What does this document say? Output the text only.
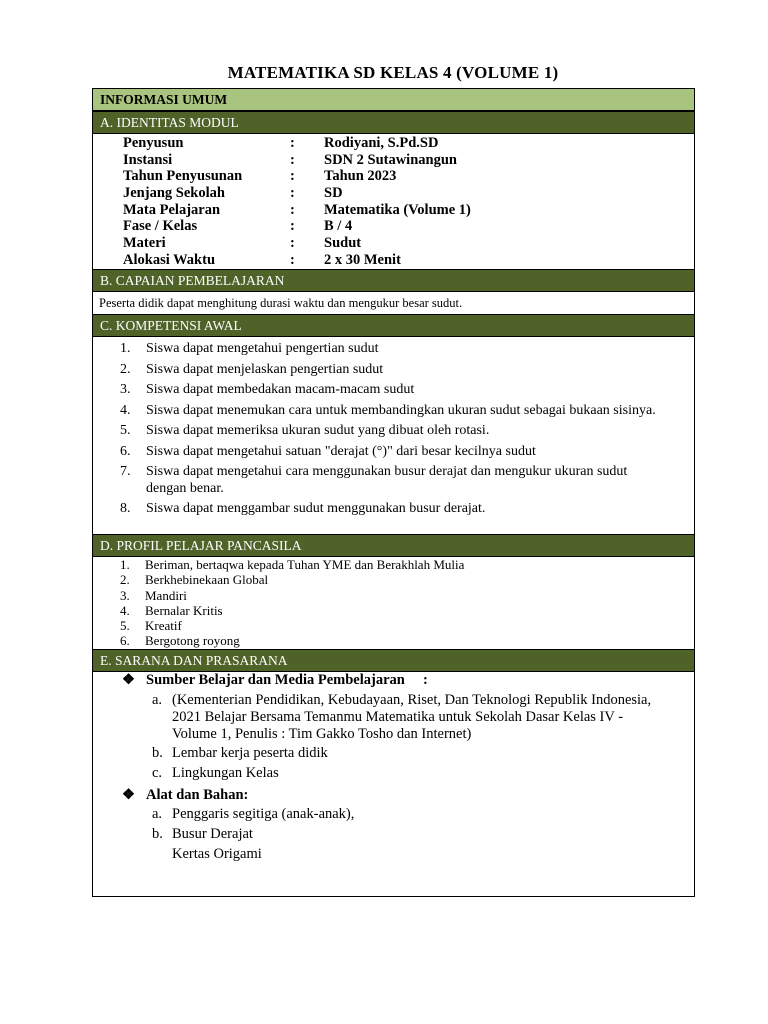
MATEMATIKA SD KELAS 4 (VOLUME 1)
INFORMASI UMUM
A. IDENTITAS MODUL
Penyusun	: Rodiyani, S.Pd.SD
Instansi	: SDN 2 Sutawinangun
Tahun Penyusunan	: Tahun 2023
Jenjang Sekolah	: SD
Mata Pelajaran	: Matematika (Volume 1)
Fase / Kelas	: B / 4
Materi	: Sudut
Alokasi Waktu	: 2 x 30 Menit
B. CAPAIAN PEMBELAJARAN
Peserta didik dapat menghitung durasi waktu dan mengukur besar sudut.
C. KOMPETENSI AWAL
1. Siswa dapat mengetahui pengertian sudut
2. Siswa dapat menjelaskan pengertian sudut
3. Siswa dapat membedakan macam-macam sudut
4. Siswa dapat menemukan cara untuk membandingkan ukuran sudut sebagai bukaan sisinya.
5. Siswa dapat memeriksa ukuran sudut yang dibuat oleh rotasi.
6. Siswa dapat mengetahui satuan "derajat (°)" dari besar kecilnya sudut
7. Siswa dapat mengetahui cara menggunakan busur derajat dan mengukur ukuran sudut dengan benar.
8. Siswa dapat menggambar sudut menggunakan busur derajat.
D. PROFIL PELAJAR PANCASILA
1. Beriman, bertaqwa kepada Tuhan YME dan Berakhlah Mulia
2. Berkhebinekaan Global
3. Mandiri
4. Bernalar Kritis
5. Kreatif
6. Bergotong royong
E. SARANA DAN PRASARANA
❖ Sumber Belajar dan Media Pembelajaran     :
a. (Kementerian Pendidikan, Kebudayaan, Riset, Dan Teknologi Republik Indonesia, 2021 Belajar Bersama Temanmu Matematika untuk Sekolah Dasar Kelas IV - Volume 1, Penulis : Tim Gakko Tosho dan Internet)
b. Lembar kerja peserta didik
c. Lingkungan Kelas
❖ Alat dan Bahan:
a. Penggaris segitiga (anak-anak),
b. Busur Derajat
Kertas Origami
